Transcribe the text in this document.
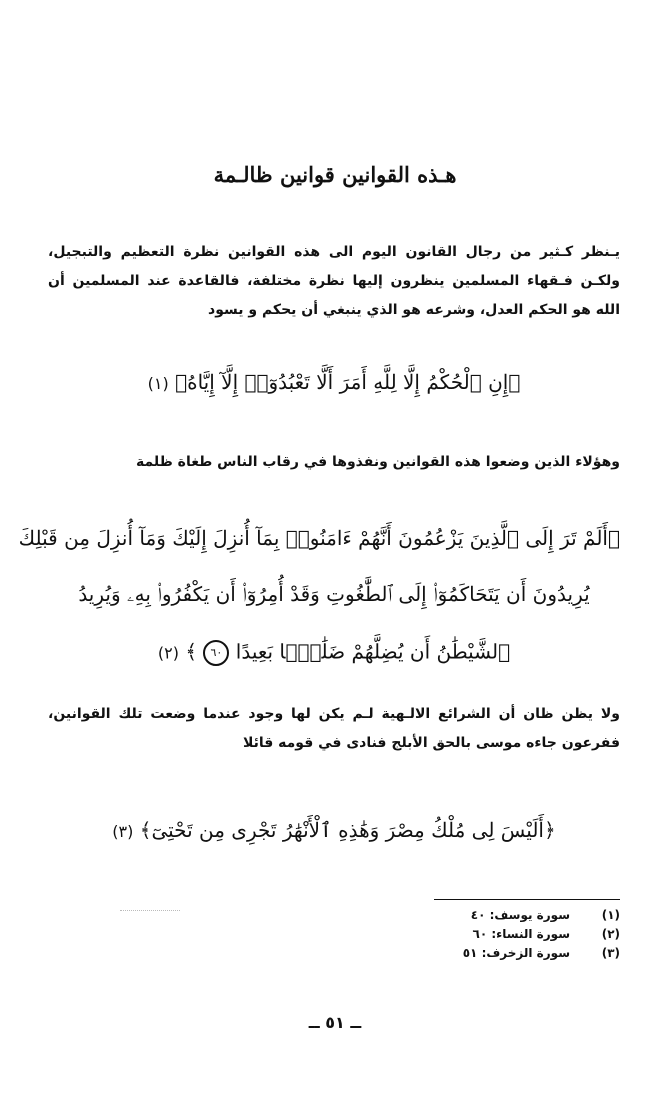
هـذه القوانين قوانين ظالـمة

يـنظر كـثير من رجال القانون اليوم الى هذه القوانين نظرة التعظيم والتبجيل، ولكـن فـقهاء المسلمين ينظرون إليها نظرة مختلفة، فالقاعدة عند المسلمين أن الله هو الحكم العدل، وشرعه هو الذي ينبغي أن يحكم و يسود

﴿إِنِ ٱلْحُكْمُ إِلَّا لِلَّهِ أَمَرَ أَلَّا تَعْبُدُوٓا۟ إِلَّآ إِيَّاهُ﴾ (١)

وهؤلاء الذين وضعوا هذه القوانين ونفذوها في رقاب الناس طغاة ظلمة

﴿أَلَمْ تَرَ إِلَى ٱلَّذِينَ يَزْعُمُونَ أَنَّهُمْ ءَامَنُوا۟ بِمَآ أُنزِلَ إِلَيْكَ وَمَآ أُنزِلَ مِن قَبْلِكَ
يُرِيدُونَ أَن يَتَحَاكَمُوٓا۟ إِلَى ٱلطَّٰغُوتِ وَقَدْ أُمِرُوٓا۟ أَن يَكْفُرُوا۟ بِهِۦ وَيُرِيدُ
ٱلشَّيْطَٰنُ أَن يُضِلَّهُمْ ضَلَٰلًۢا بَعِيدًا ٦٠ ﴾ (٢)

ولا يظن ظان أن الشرائع الالـهية لـم يكن لها وجود عندما وضعت تلك القوانين، ففرعون جاءه موسى بالحق الأبلج فنادى في قومه قائلا

﴿أَلَيْسَ لِى مُلْكُ مِصْرَ وَهَٰذِهِ ٱلْأَنْهَٰرُ تَجْرِى مِن تَحْتِىٓ﴾ (٣)
(١)
سورة يوسف: ٤٠
(٢)
سورة النساء: ٦٠
(٣)
سورة الزخرف: ٥١
ــ ٥١ ــ
